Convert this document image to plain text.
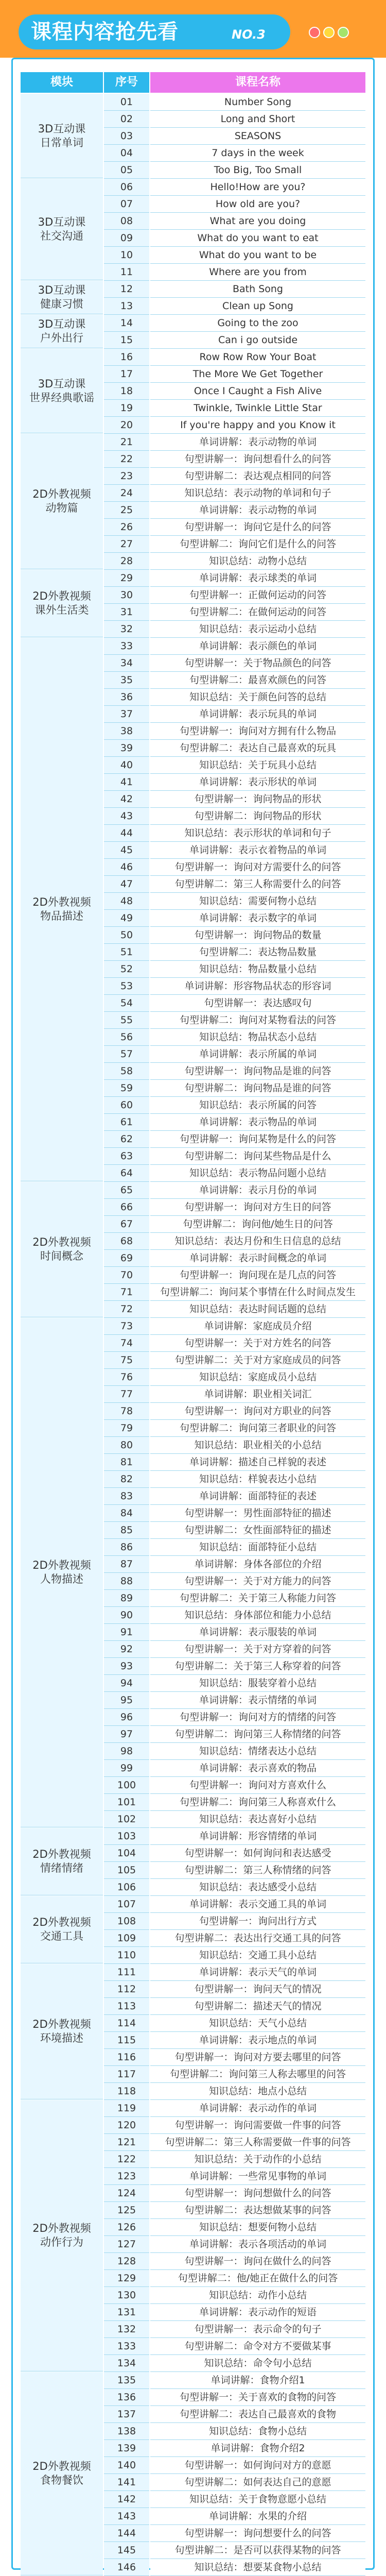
课程内容抢先看	NO.3
模块	序号	课程名称
3D互动课
日常单词
01	Number Song
02	Long and Short
03	SEASONS
04	7 days in the week
05	Too Big, Too Small
3D互动课
社交沟通
06	Hello!How are you?
07	How old are you?
08	What are you doing
09	What do you want to eat
10	What do you want to be
11	Where are you from
3D互动课
健康习惯
12	Bath Song
13	Clean up Song
3D互动课
户外出行
14	Going to the zoo
15	Can i go outside
3D互动课
世界经典歌谣
16	Row Row Row Your Boat
17	The More We Get Together
18	Once I Caught a Fish Alive
19	Twinkle, Twinkle Little Star
20	If you're happy and you Know it
2D外教视频
动物篇
21	单词讲解：表示动物的单词
22	句型讲解一：询问想看什么的问答
23	句型讲解二：表达观点相同的问答
24	知识总结：表示动物的单词和句子
25	单词讲解：表示动物的单词
26	句型讲解一：询问它是什么的问答
27	句型讲解二：询问它们是什么的问答
28	知识总结：动物小总结
2D外教视频
课外生活类
29	单词讲解：表示球类的单词
30	句型讲解一：正做何运动的问答
31	句型讲解二：在做何运动的问答
32	知识总结：表示运动小总结
2D外教视频
物品描述
33	单词讲解：表示颜色的单词
34	句型讲解一：关于物品颜色的问答
35	句型讲解二：最喜欢颜色的问答
36	知识总结：关于颜色问答的总结
37	单词讲解：表示玩具的单词
38	句型讲解一：询问对方拥有什么物品
39	句型讲解二：表达自己最喜欢的玩具
40	知识总结：关于玩具小总结
41	单词讲解：表示形状的单词
42	句型讲解一：询问物品的形状
43	句型讲解二：询问物品的形状
44	知识总结：表示形状的单词和句子
45	单词讲解：表示衣着物品的单词
46	句型讲解一：询问对方需要什么的问答
47	句型讲解二：第三人称需要什么的问答
48	知识总结：需要何物小总结
49	单词讲解：表示数字的单词
50	句型讲解一：询问物品的数量
51	句型讲解二：表达物品数量
52	知识总结：物品数量小总结
53	单词讲解：形容物品状态的形容词
54	句型讲解一：表达感叹句
55	句型讲解二：询问对某物看法的问答
56	知识总结：物品状态小总结
57	单词讲解：表示所属的单词
58	句型讲解一：询问物品是谁的问答
59	句型讲解二：询问物品是谁的问答
60	知识总结：表示所属的问答
61	单词讲解：表示物品的单词
62	句型讲解一：询问某物是什么的问答
63	句型讲解二：询问某些物品是什么
64	知识总结：表示物品问题小总结
2D外教视频
时间概念
65	单词讲解：表示月份的单词
66	句型讲解一：询问对方生日的问答
67	句型讲解二：询问他/她生日的问答
68	知识总结：表达月份和生日信息的总结
69	单词讲解：表示时间概念的单词
70	句型讲解一：询问现在是几点的问答
71	句型讲解二：询问某个事情在什么时间点发生
72	知识总结：表达时间话题的总结
2D外教视频
人物描述
73	单词讲解：家庭成员介绍
74	句型讲解一：关于对方姓名的问答
75	句型讲解二：关于对方家庭成员的问答
76	知识总结：家庭成员小总结
77	单词讲解：职业相关词汇
78	句型讲解一：询问对方职业的问答
79	句型讲解二：询问第三者职业的问答
80	知识总结：职业相关的小总结
81	单词讲解：描述自己样貌的表述
82	知识总结：样貌表达小总结
83	单词讲解：面部特征的表述
84	句型讲解一：男性面部特征的描述
85	句型讲解二：女性面部特征的描述
86	知识总结：面部特征小总结
87	单词讲解：身体各部位的介绍
88	句型讲解一：关于对方能力的问答
89	句型讲解二：关于第三人称能力问答
90	知识总结：身体部位和能力小总结
91	单词讲解：表示服装的单词
92	句型讲解一：关于对方穿着的问答
93	句型讲解二：关于第三人称穿着的问答
94	知识总结：服装穿着小总结
95	单词讲解：表示情绪的单词
96	句型讲解一：询问对方的情绪的问答
97	句型讲解二：询问第三人称情绪的问答
98	知识总结：情绪表达小总结
99	单词讲解：表示喜欢的物品
100	句型讲解一：询问对方喜欢什么
101	句型讲解二：询问第三人称喜欢什么
102	知识总结：表达喜好小总结
2D外教视频
情绪情绪
103	单词讲解：形容情绪的单词
104	句型讲解一：如何询问和表达感受
105	句型讲解二：第三人称情绪的问答
106	知识总结：表达感受小总结
2D外教视频
交通工具
107	单词讲解：表示交通工具的单词
108	句型讲解一：询问出行方式
109	句型讲解二：表达出行交通工具的问答
110	知识总结：交通工具小总结
2D外教视频
环境描述
111	单词讲解：表示天气的单词
112	句型讲解一：询问天气的情况
113	句型讲解二：描述天气的情况
114	知识总结：天气小总结
115	单词讲解：表示地点的单词
116	句型讲解一：询问对方要去哪里的问答
117	句型讲解二：询问第三人称去哪里的问答
118	知识总结：地点小总结
2D外教视频
动作行为
119	单词讲解：表示动作的单词
120	句型讲解一：询问需要做一件事的问答
121	句型讲解二：第三人称需要做一件事的问答
122	知识总结：关于动作的小总结
123	单词讲解：一些常见事物的单词
124	句型讲解一：询问想做什么的问答
125	句型讲解二：表达想做某事的问答
126	知识总结：想要何物小总结
127	单词讲解：表示各项活动的单词
128	句型讲解一：询问在做什么的问答
129	句型讲解二：他/她正在做什么的问答
130	知识总结：动作小总结
131	单词讲解：表示动作的短语
132	句型讲解一：表示命令的句子
133	句型讲解二：命令对方不要做某事
134	知识总结：命令句小总结
2D外教视频
食物餐饮
135	单词讲解：食物介绍1
136	句型讲解一：关于喜欢的食物的问答
137	句型讲解二：表达自己最喜欢的食物
138	知识总结：食物小总结
139	单词讲解：食物介绍2
140	句型讲解一：如何询问对方的意愿
141	句型讲解二：如何表达自己的意愿
142	知识总结：关于食物意愿小总结
143	单词讲解：水果的介绍
144	句型讲解一：询问想要什么的问答
145	句型讲解二：是否可以获得某物的问答
146	知识总结：想要某食物小总结
